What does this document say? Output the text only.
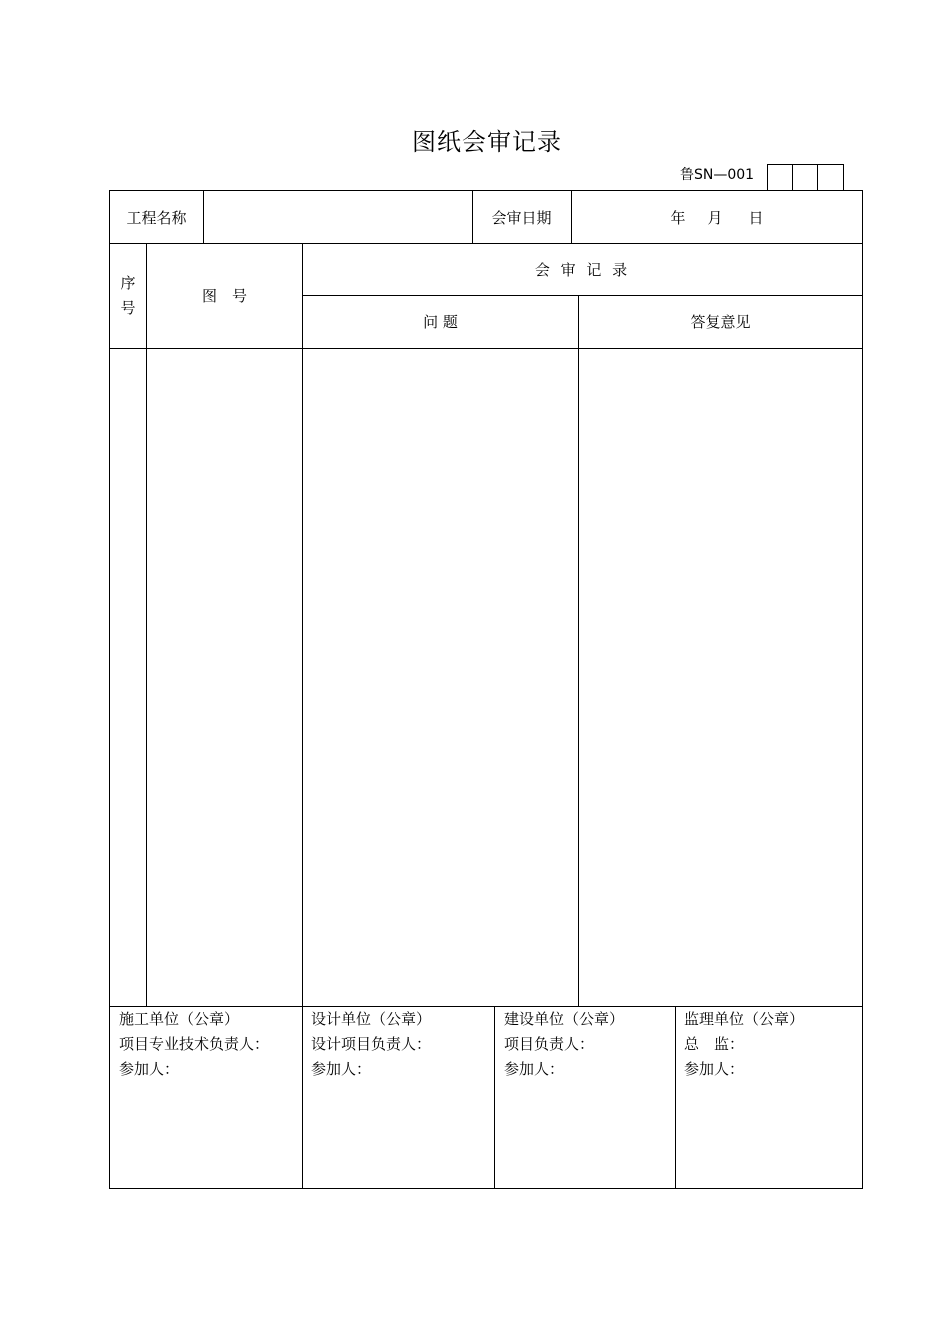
图纸会审记录
鲁SN—001
工程名称	会审日期	年 月 日
序
号
图　号
会 审 记 录
问 题	答复意见
施工单位（公章）
项目专业技术负责人：
参加人：
设计单位（公章）
设计项目负责人：
参加人：
建设单位（公章）
项目负责人：
参加人：
监理单位（公章）
总　监：
参加人：
